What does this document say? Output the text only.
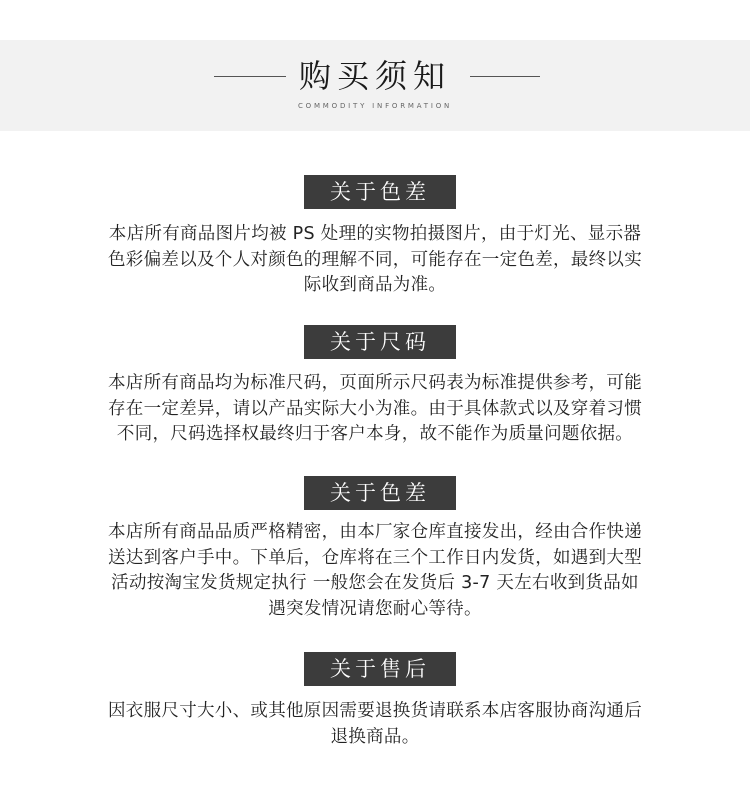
购买须知
COMMODITY INFORMATION
关于色差
本店所有商品图片均被 PS 处理的实物拍摄图片，由于灯光、显示器
色彩偏差以及个人对颜色的理解不同，可能存在一定色差，最终以实
际收到商品为准。
关于尺码
本店所有商品均为标准尺码，页面所示尺码表为标准提供参考，可能
存在一定差异，请以产品实际大小为准。由于具体款式以及穿着习惯
不同，尺码选择权最终归于客户本身，故不能作为质量问题依据。
关于色差
本店所有商品品质严格精密，由本厂家仓库直接发出，经由合作快递
送达到客户手中。下单后，仓库将在三个工作日内发货，如遇到大型
活动按淘宝发货规定执行 一般您会在发货后 3-7 天左右收到货品如
遇突发情况请您耐心等待。
关于售后
因衣服尺寸大小、或其他原因需要退换货请联系本店客服协商沟通后
退换商品。
